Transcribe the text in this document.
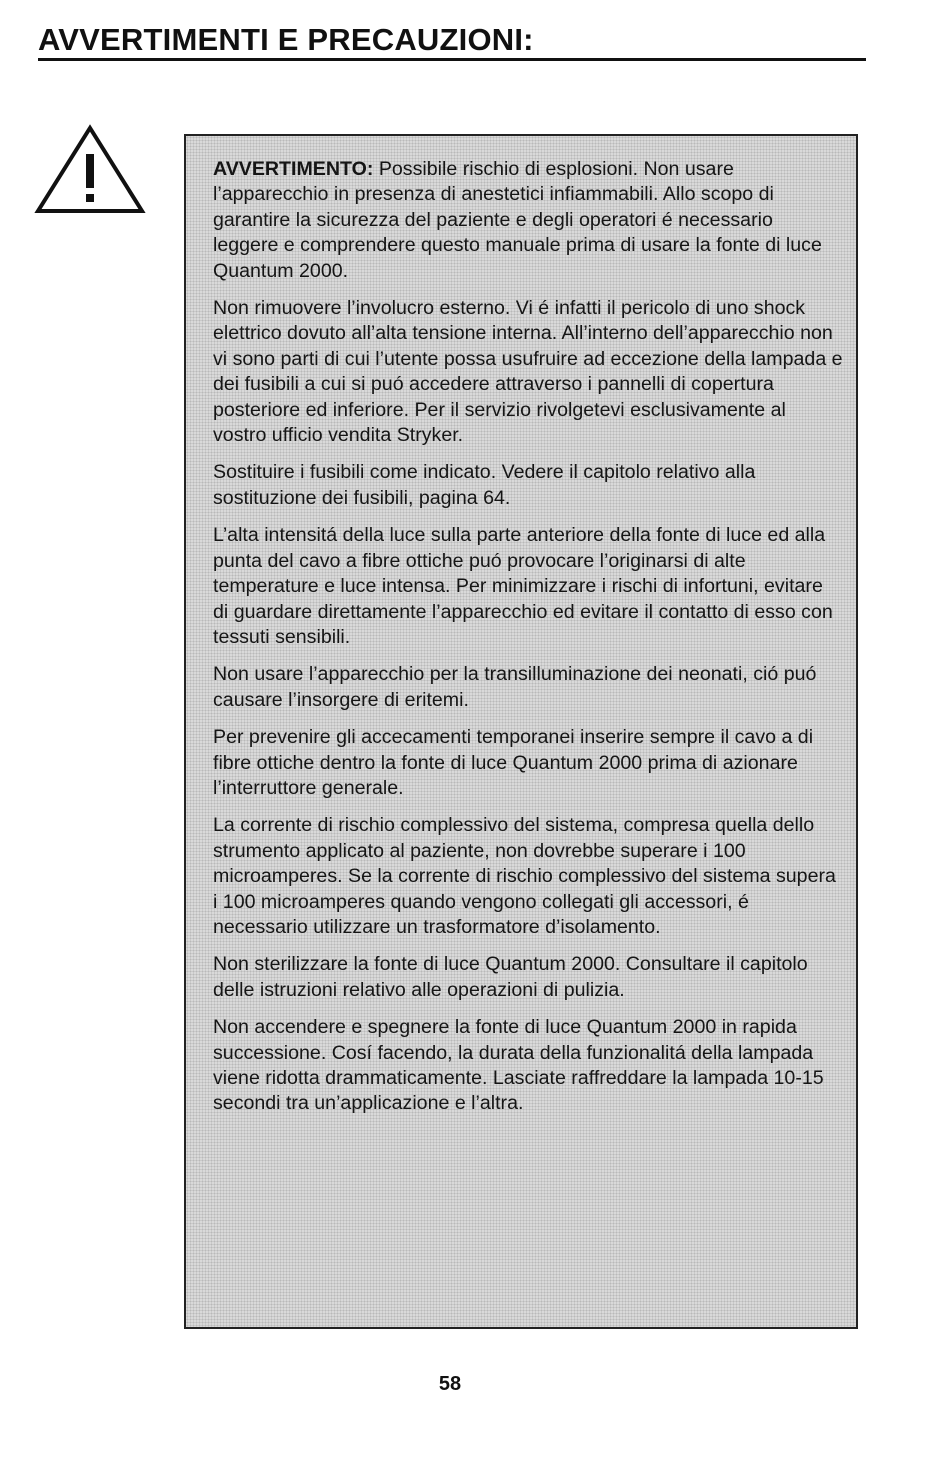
AVVERTIMENTI E PRECAUZIONI:

AVVERTIMENTO: Possibile rischio di esplosioni. Non usare l’apparecchio in presenza di anestetici infiammabili. Allo scopo di garantire la sicurezza del paziente e degli operatori é necessario leggere e comprendere questo manuale prima di usare la fonte di luce Quantum 2000.

Non rimuovere l’involucro esterno. Vi é infatti il pericolo di uno shock elettrico dovuto all’alta tensione interna. All’interno dell’apparecchio non vi sono parti di cui l’utente possa usufruire ad eccezione della lampada e dei fusibili a cui si puó accedere attraverso i pannelli di copertura posteriore ed inferiore. Per il servizio rivolgetevi esclusivamente al vostro ufficio vendita Stryker.

Sostituire i fusibili come indicato. Vedere il capitolo relativo alla sostituzione dei fusibili, pagina 64.

L’alta intensitá della luce sulla parte anteriore della fonte di luce ed alla punta del cavo a fibre ottiche puó provocare l’originarsi di alte temperature e luce intensa. Per minimizzare i rischi di infortuni, evitare di guardare direttamente l’apparecchio ed evitare il contatto di esso con tessuti sensibili.

Non usare l’apparecchio per la transilluminazione dei neonati, ció puó causare l’insorgere di eritemi.

Per prevenire gli accecamenti temporanei inserire sempre il cavo a di fibre ottiche dentro la fonte di luce Quantum 2000 prima di azionare l’interruttore generale.

La corrente di rischio complessivo del sistema, compresa quella dello strumento applicato al paziente, non dovrebbe superare i 100 microamperes. Se la corrente di rischio complessivo del sistema supera i 100 microamperes quando vengono collegati gli accessori, é necessario utilizzare un trasformatore d’isolamento.

Non sterilizzare la fonte di luce Quantum 2000. Consultare il capitolo delle istruzioni relativo alle operazioni di pulizia.

Non accendere e spegnere la fonte di luce Quantum 2000 in rapida successione. Cosí facendo, la durata della funzionalitá della lampada viene ridotta drammaticamente. Lasciate raffreddare la lampada 10-15 secondi tra un’applicazione e l’altra.

58
